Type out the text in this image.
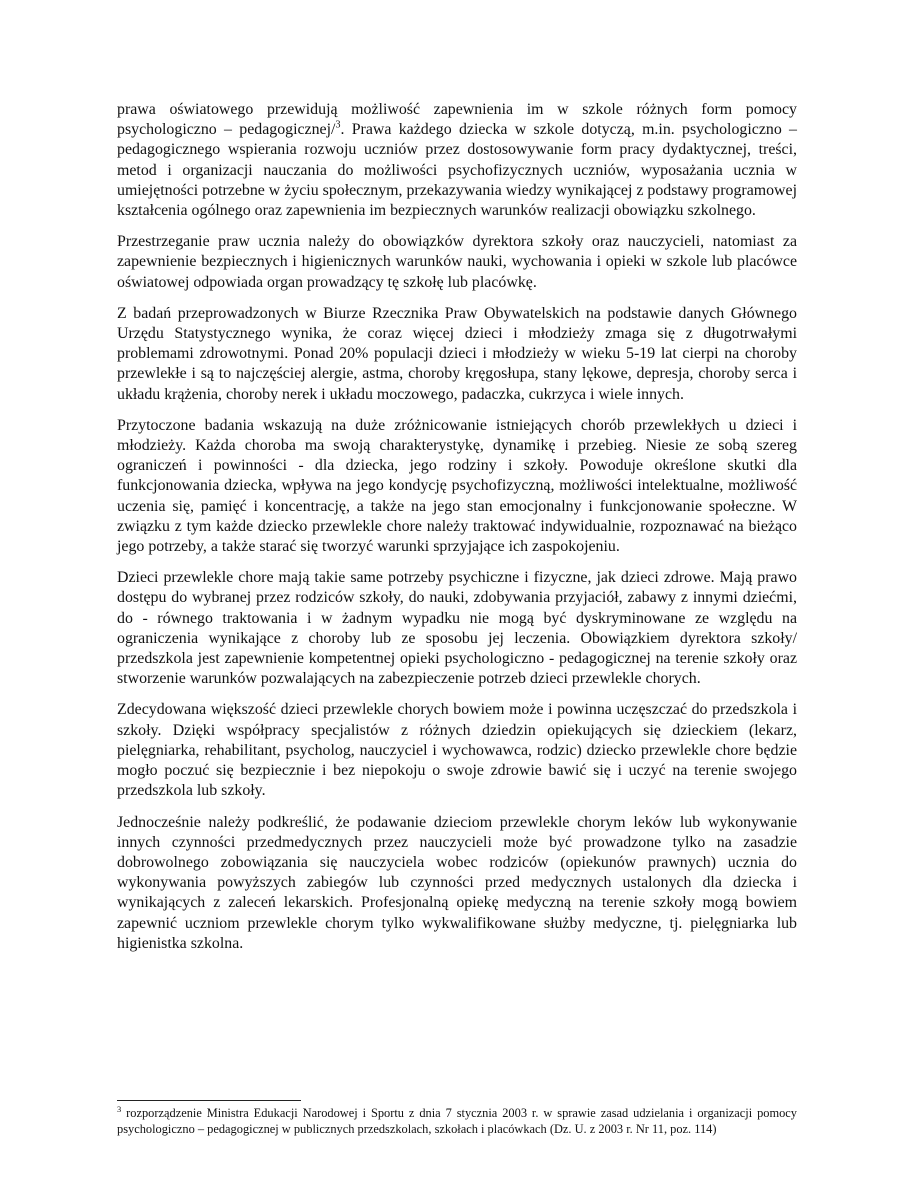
prawa oświatowego przewidują możliwość zapewnienia im w szkole różnych form pomocy psychologiczno – pedagogicznej/$^3$. Prawa każdego dziecka w szkole dotyczą, m.in. psychologiczno – pedagogicznego wspierania rozwoju uczniów przez dostosowywanie form pracy dydaktycznej, treści, metod i organizacji nauczania do możliwości psychofizycznych uczniów, wyposażania ucznia w umiejętności potrzebne w życiu społecznym, przekazywania wiedzy wynikającej z podstawy programowej kształcenia ogólnego oraz zapewnienia im bezpiecznych warunków realizacji obowiązku szkolnego.

Przestrzeganie praw ucznia należy do obowiązków dyrektora szkoły oraz nauczycieli, natomiast za zapewnienie bezpiecznych i higienicznych warunków nauki, wychowania i opieki w szkole lub placówce oświatowej odpowiada organ prowadzący tę szkołę lub placówkę.

Z badań przeprowadzonych w Biurze Rzecznika Praw Obywatelskich na podstawie danych Głównego Urzędu Statystycznego wynika, że coraz więcej dzieci i młodzieży zmaga się z długotrwałymi problemami zdrowotnymi. Ponad 20% populacji dzieci i młodzieży w wieku 5-19 lat cierpi na choroby przewlekłe i są to najczęściej alergie, astma, choroby kręgosłupa, stany lękowe, depresja, choroby serca i układu krążenia, choroby nerek i układu moczowego, padaczka, cukrzyca i wiele innych.

Przytoczone badania wskazują na duże zróżnicowanie istniejących chorób przewlekłych u dzieci i młodzieży. Każda choroba ma swoją charakterystykę, dynamikę i przebieg. Niesie ze sobą szereg ograniczeń i powinności - dla dziecka, jego rodziny i szkoły. Powoduje określone skutki dla funkcjonowania dziecka, wpływa na jego kondycję psychofizyczną, możliwości intelektualne, możliwość uczenia się, pamięć i koncentrację, a także na jego stan emocjonalny i funkcjonowanie społeczne. W związku z tym każde dziecko przewlekle chore należy traktować indywidualnie, rozpoznawać na bieżąco jego potrzeby, a także starać się tworzyć warunki sprzyjające ich zaspokojeniu.

Dzieci przewlekle chore mają takie same potrzeby psychiczne i fizyczne, jak dzieci zdrowe. Mają prawo dostępu do wybranej przez rodziców szkoły, do nauki, zdobywania przyjaciół, zabawy z innymi dziećmi, do - równego traktowania i w żadnym wypadku nie mogą być dyskryminowane ze względu na ograniczenia wynikające z choroby lub ze sposobu jej leczenia. Obowiązkiem dyrektora szkoły/ przedszkola jest zapewnienie kompetentnej opieki psychologiczno - pedagogicznej na terenie szkoły oraz stworzenie warunków pozwalających na zabezpieczenie potrzeb dzieci przewlekle chorych.

Zdecydowana większość dzieci przewlekle chorych bowiem może i powinna uczęszczać do przedszkola i szkoły. Dzięki współpracy specjalistów z różnych dziedzin opiekujących się dzieckiem (lekarz, pielęgniarka, rehabilitant, psycholog, nauczyciel i wychowawca, rodzic) dziecko przewlekle chore będzie mogło poczuć się bezpiecznie i bez niepokoju o swoje zdrowie bawić się i uczyć na terenie swojego przedszkola lub szkoły.

Jednocześnie należy podkreślić, że podawanie dzieciom przewlekle chorym leków lub wykonywanie innych czynności przedmedycznych przez nauczycieli może być prowadzone tylko na zasadzie dobrowolnego zobowiązania się nauczyciela wobec rodziców (opiekunów prawnych) ucznia do wykonywania powyższych zabiegów lub czynności przed medycznych ustalonych dla dziecka i wynikających z zaleceń lekarskich. Profesjonalną opiekę medyczną na terenie szkoły mogą bowiem zapewnić uczniom przewlekle chorym tylko wykwalifikowane służby medyczne, tj. pielęgniarka lub higienistka szkolna.

$^3$ rozporządzenie Ministra Edukacji Narodowej i Sportu z dnia 7 stycznia 2003 r. w sprawie zasad udzielania i organizacji pomocy psychologiczno – pedagogicznej w publicznych przedszkolach, szkołach i placówkach (Dz. U. z 2003 r. Nr 11, poz. 114)
